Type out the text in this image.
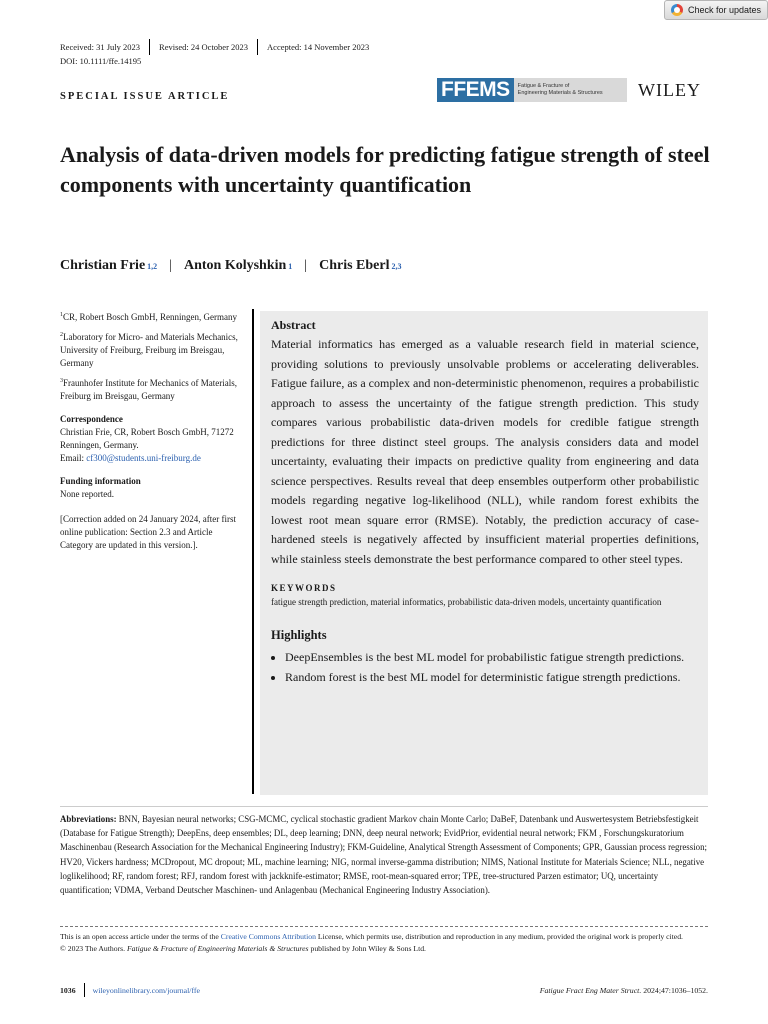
Received: 31 July 2023 Revised: 24 October 2023 Accepted: 14 November 2023
DOI: 10.1111/ffe.14195
Check for updates
SPECIAL ISSUE ARTICLE	FFEMS	Fatigue & Fracture of
Engineering Materials & Structures WILEY
Analysis of data-driven models for predicting fatigue strength of steel components with uncertainty quantification
Christian Frie 1,2 | Anton Kolyshkin 1 | Chris Eberl 2,3
$^1$CR, Robert Bosch GmbH, Renningen, Germany
$^2$Laboratory for Micro- and Materials Mechanics, University of Freiburg, Freiburg im Breisgau, Germany
$^3$Fraunhofer Institute for Mechanics of Materials, Freiburg im Breisgau, Germany
Correspondence
Christian Frie, CR, Robert Bosch GmbH, 71272 Renningen, Germany.
Email: cf300@students.uni-freiburg.de
Funding information
None reported.
[Correction added on 24 January 2024, after first online publication: Section 2.3 and Article Category are updated in this version.].
Abstract
Material informatics has emerged as a valuable research field in material science, providing solutions to previously unsolvable problems or accelerating deliverables. Fatigue failure, as a complex and non-deterministic phenomenon, requires a probabilistic approach to assess the uncertainty of the fatigue strength prediction. This study compares various probabilistic data-driven models for credible fatigue strength predictions for three distinct steel groups. The analysis considers data and model uncertainty, evaluating their impacts on predictive quality from engineering and data science perspectives. Results reveal that deep ensembles outperform other probabilistic models regarding negative log-likelihood (NLL), while random forest exhibits the lowest root mean square error (RMSE). Notably, the prediction accuracy of case-hardened steels is negatively affected by insufficient material properties definitions, while stainless steels demonstrate the best performance compared to other steel types.
KEYWORDS
fatigue strength prediction, material informatics, probabilistic data-driven models, uncertainty quantification
Highlights
• DeepEnsembles is the best ML model for probabilistic fatigue strength predictions.
• Random forest is the best ML model for deterministic fatigue strength predictions.
Abbreviations: BNN, Bayesian neural networks; CSG-MCMC, cyclical stochastic gradient Markov chain Monte Carlo; DaBeF, Datenbank und Auswertesystem Betriebsfestigkeit (Database for Fatigue Strength); DeepEns, deep ensembles; DL, deep learning; DNN, deep neural network; EvidPrior, evidential neural network; FKM , Forschungskuratorium Maschinenbau (Research Association for the Mechanical Engineering Industry); FKM-Guideline, Analytical Strength Assessment of Components; GPR, Gaussian process regression; HV20, Vickers hardness; MCDropout, MC dropout; ML, machine learning; NIG, normal inverse-gamma distribution; NIMS, National Institute for Materials Science; NLL, negative loglikelihood; RF, random forest; RFJ, random forest with jackknife-estimator; RMSE, root-mean-squared error; TPE, tree-structured Parzen estimator; UQ, uncertainty quantification; VDMA, Verband Deutscher Maschinen- und Anlagenbau (Mechanical Engineering Industry Association).
This is an open access article under the terms of the Creative Commons Attribution License, which permits use, distribution and reproduction in any medium, provided the original work is properly cited.
© 2023 The Authors. Fatigue & Fracture of Engineering Materials & Structures published by John Wiley & Sons Ltd.
1036 wileyonlinelibrary.com/journal/ffe	Fatigue Fract Eng Mater Struct. 2024;47:1036–1052.
